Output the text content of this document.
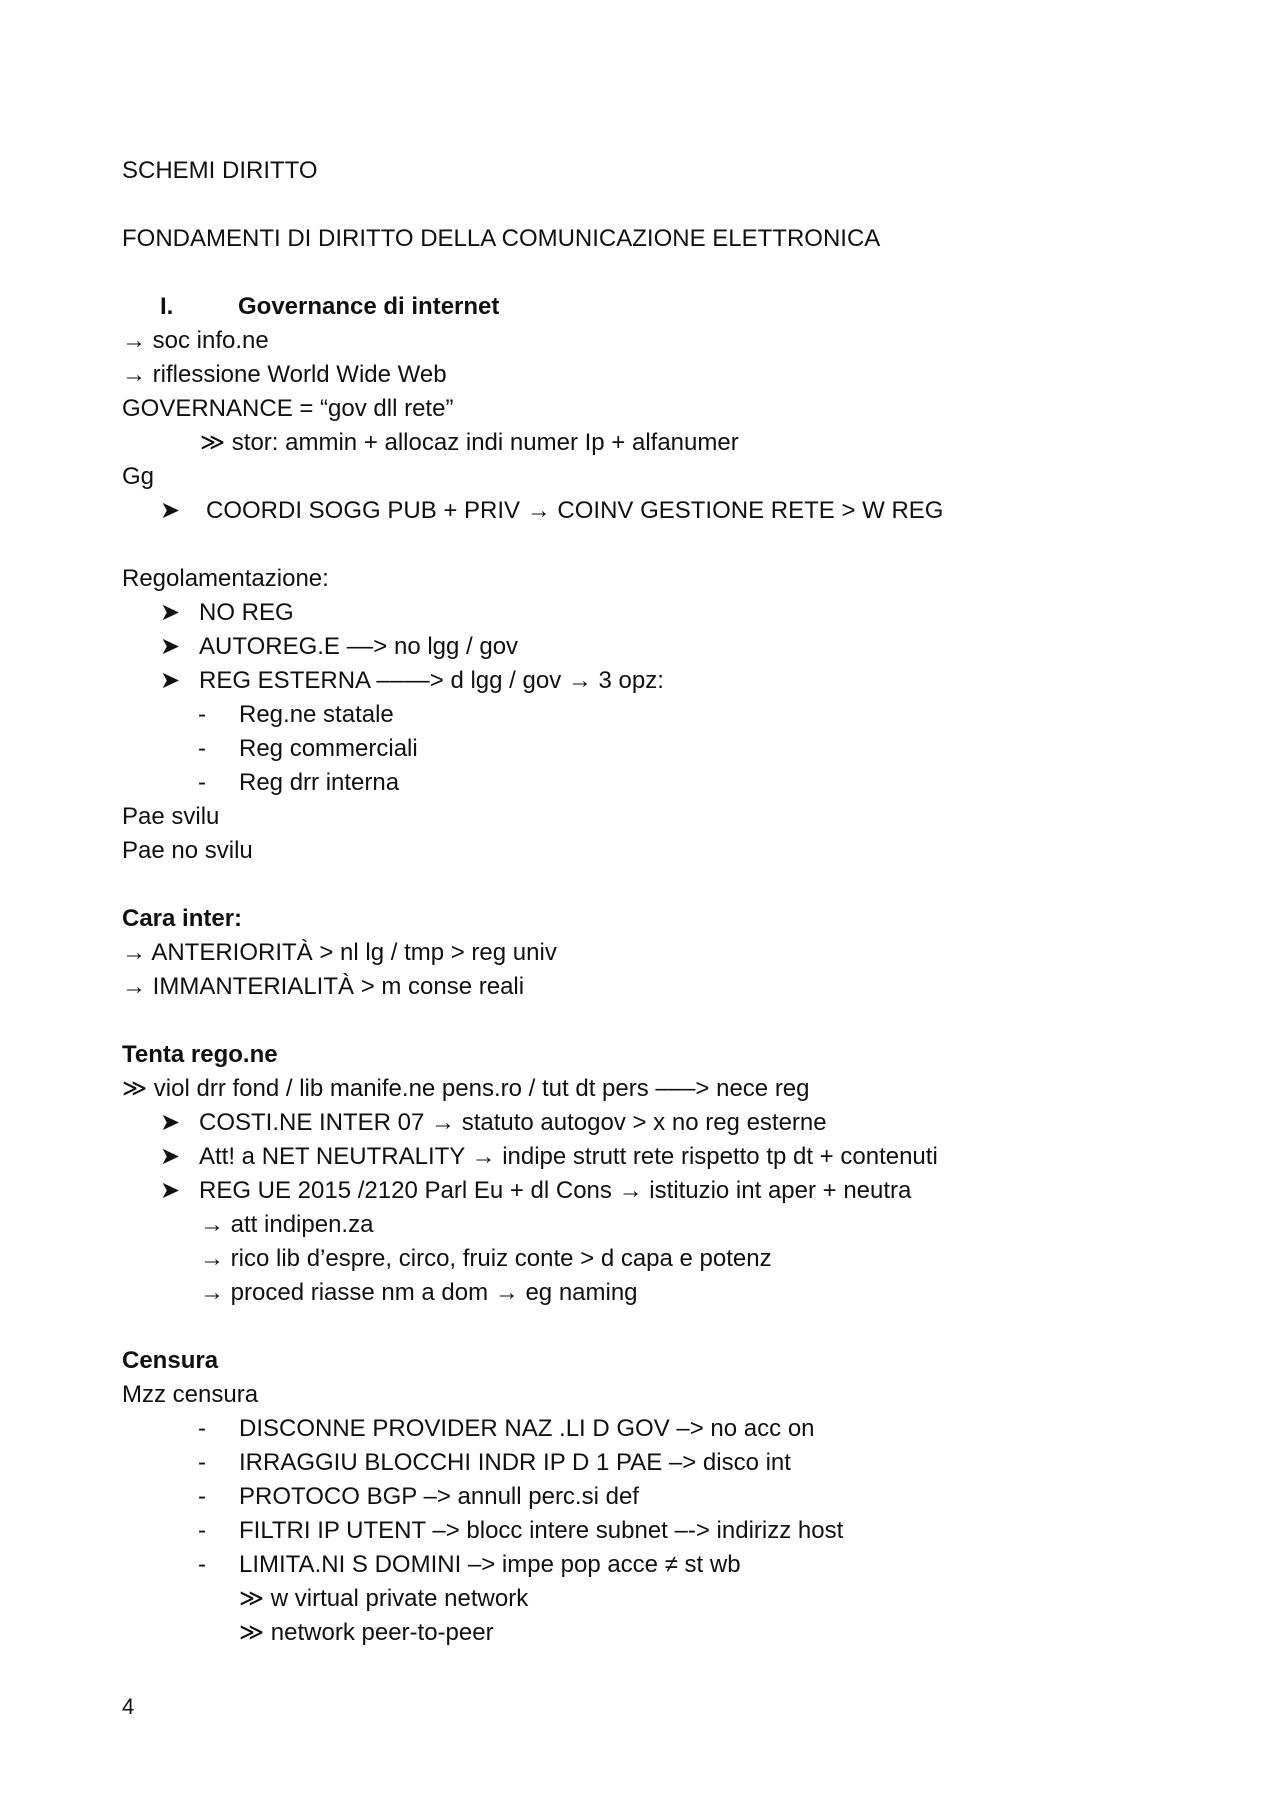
SCHEMI DIRITTO
FONDAMENTI DI DIRITTO DELLA COMUNICAZIONE ELETTRONICA
I.	Governance di internet
→ soc info.ne
→ riflessione World Wide Web
GOVERNANCE = “gov dll rete”
≫ stor: ammin + allocaz indi numer Ip + alfanumer
Gg
➤ COORDI SOGG PUB + PRIV → COINV GESTIONE RETE > W REG
Regolamentazione:
➤ NO REG
➤ AUTOREG.E ––> no lgg / gov
➤ REG ESTERNA ––––> d lgg / gov → 3 opz:
- Reg.ne statale
- Reg commerciali
- Reg drr interna
Pae svilu
Pae no svilu
Cara inter:
→ ANTERIORITÀ > nl lg / tmp > reg univ
→ IMMANTERIALITÀ > m conse reali
Tenta rego.ne
≫ viol drr fond / lib manife.ne pens.ro / tut dt pers –––> nece reg
➤ COSTI.NE INTER 07 → statuto autogov > x no reg esterne
➤ Att! a NET NEUTRALITY → indipe strutt rete rispetto tp dt + contenuti
➤ REG UE 2015 /2120 Parl Eu + dl Cons → istituzio int aper + neutra
→ att indipen.za
→ rico lib d’espre, circo, fruiz conte > d capa e potenz
→ proced riasse nm a dom → eg naming
Censura
Mzz censura
- DISCONNE PROVIDER NAZ .LI D GOV –> no acc on
- IRRAGGIU BLOCCHI INDR IP D 1 PAE –> disco int
- PROTOCO BGP –> annull perc.si def
- FILTRI IP UTENT –> blocc intere subnet –-> indirizz host
- LIMITA.NI S DOMINI –> impe pop acce ≠ st wb
≫ w virtual private network
≫ network peer-to-peer
4
